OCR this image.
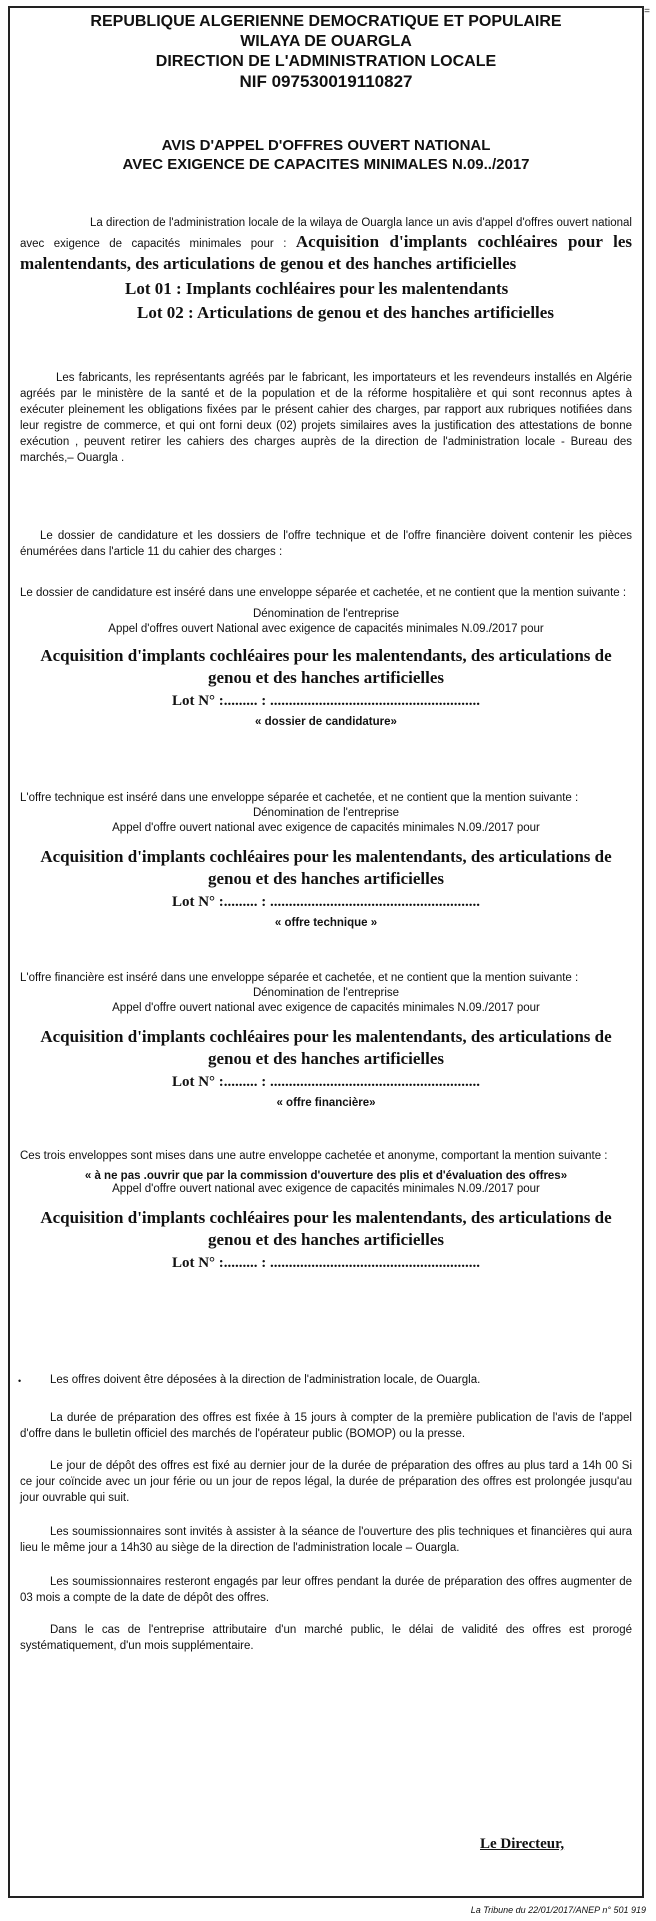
|=
REPUBLIQUE ALGERIENNE DEMOCRATIQUE ET POPULAIRE
WILAYA DE OUARGLA
DIRECTION DE L'ADMINISTRATION LOCALE
NIF 097530019110827
AVIS D'APPEL D'OFFRES OUVERT NATIONAL
AVEC EXIGENCE DE CAPACITES MINIMALES N.09../2017
La direction de l'administration locale de la wilaya de Ouargla lance un avis d'appel d'offres ouvert national avec exigence de capacités minimales pour : Acquisition d'implants cochléaires pour les malentendants, des articulations de genou et des hanches artificielles
Lot 01 : Implants cochléaires pour les malentendants
Lot 02 : Articulations de genou et des hanches artificielles
Les fabricants, les représentants agréés par le fabricant, les importateurs et les revendeurs installés en Algérie agréés par le ministère de la santé et de la population et de la réforme hospitalière et qui sont reconnus aptes à exécuter pleinement les obligations fixées par le présent cahier des charges, par rapport aux rubriques notifiées dans leur registre de commerce, et qui ont forni deux (02) projets similaires aves la justification des attestations de bonne exécution , peuvent retirer les cahiers des charges auprès de la direction de l'administration locale - Bureau des marchés,– Ouargla .
Le dossier de candidature et les dossiers de l'offre technique et de l'offre financière doivent contenir les pièces énumérées dans l'article 11 du cahier des charges :
Le dossier de candidature est inséré dans une enveloppe séparée et cachetée, et ne contient que la mention suivante :
Dénomination de l'entreprise
Appel d'offres ouvert National avec exigence de capacités minimales N.09./2017 pour
Acquisition d'implants cochléaires pour les malentendants, des articulations de genou et des hanches artificielles
Lot N° :......... : ........................................................
« dossier de candidature»
L'offre technique est inséré dans une enveloppe séparée et cachetée, et ne contient que la mention suivante :
Dénomination de l'entreprise
Appel d'offre ouvert national avec exigence de capacités minimales N.09./2017 pour
Acquisition d'implants cochléaires pour les malentendants, des articulations de genou et des hanches artificielles
Lot N° :......... : ........................................................
« offre technique »
L'offre financière est inséré dans une enveloppe séparée et cachetée, et ne contient que la mention suivante :
Dénomination de l'entreprise
Appel d'offre ouvert national avec exigence de capacités minimales N.09./2017 pour
Acquisition d'implants cochléaires pour les malentendants, des articulations de genou et des hanches artificielles
Lot N° :......... : ........................................................
« offre financière»
Ces trois enveloppes sont mises dans une autre enveloppe cachetée et anonyme, comportant la mention suivante :
« à ne pas .ouvrir que par la commission d'ouverture des plis et d'évaluation des offres»
Appel d'offre ouvert national avec exigence de capacités minimales N.09./2017 pour
Acquisition d'implants cochléaires pour les malentendants, des articulations de genou et des hanches artificielles
Lot N° :......... : ........................................................
•	Les offres doivent être déposées à la direction de l'administration locale, de Ouargla.
La durée de préparation des offres est fixée à 15 jours à compter de la première publication de l'avis de l'appel d'offre dans le bulletin officiel des marchés de l'opérateur public (BOMOP) ou la presse.
Le jour de dépôt des offres est fixé au dernier jour de la durée de préparation des offres au plus tard a 14h 00 Si ce jour coïncide avec un jour férie ou un jour de repos légal, la durée de préparation des offres est prolongée jusqu'au jour ouvrable qui suit.
Les soumissionnaires sont invités à assister à la séance de l'ouverture des plis techniques et financières qui aura lieu le même jour a 14h30 au siège de la direction de l'administration locale – Ouargla.
Les soumissionnaires resteront engagés par leur offres pendant la durée de préparation des offres augmenter de 03 mois a compte de la date de dépôt des offres.
Dans le cas de l'entreprise attributaire d'un marché public, le délai de validité des offres est prorogé systématiquement, d'un mois supplémentaire.
Le Directeur,
La Tribune du 22/01/2017/ANEP n° 501 919
